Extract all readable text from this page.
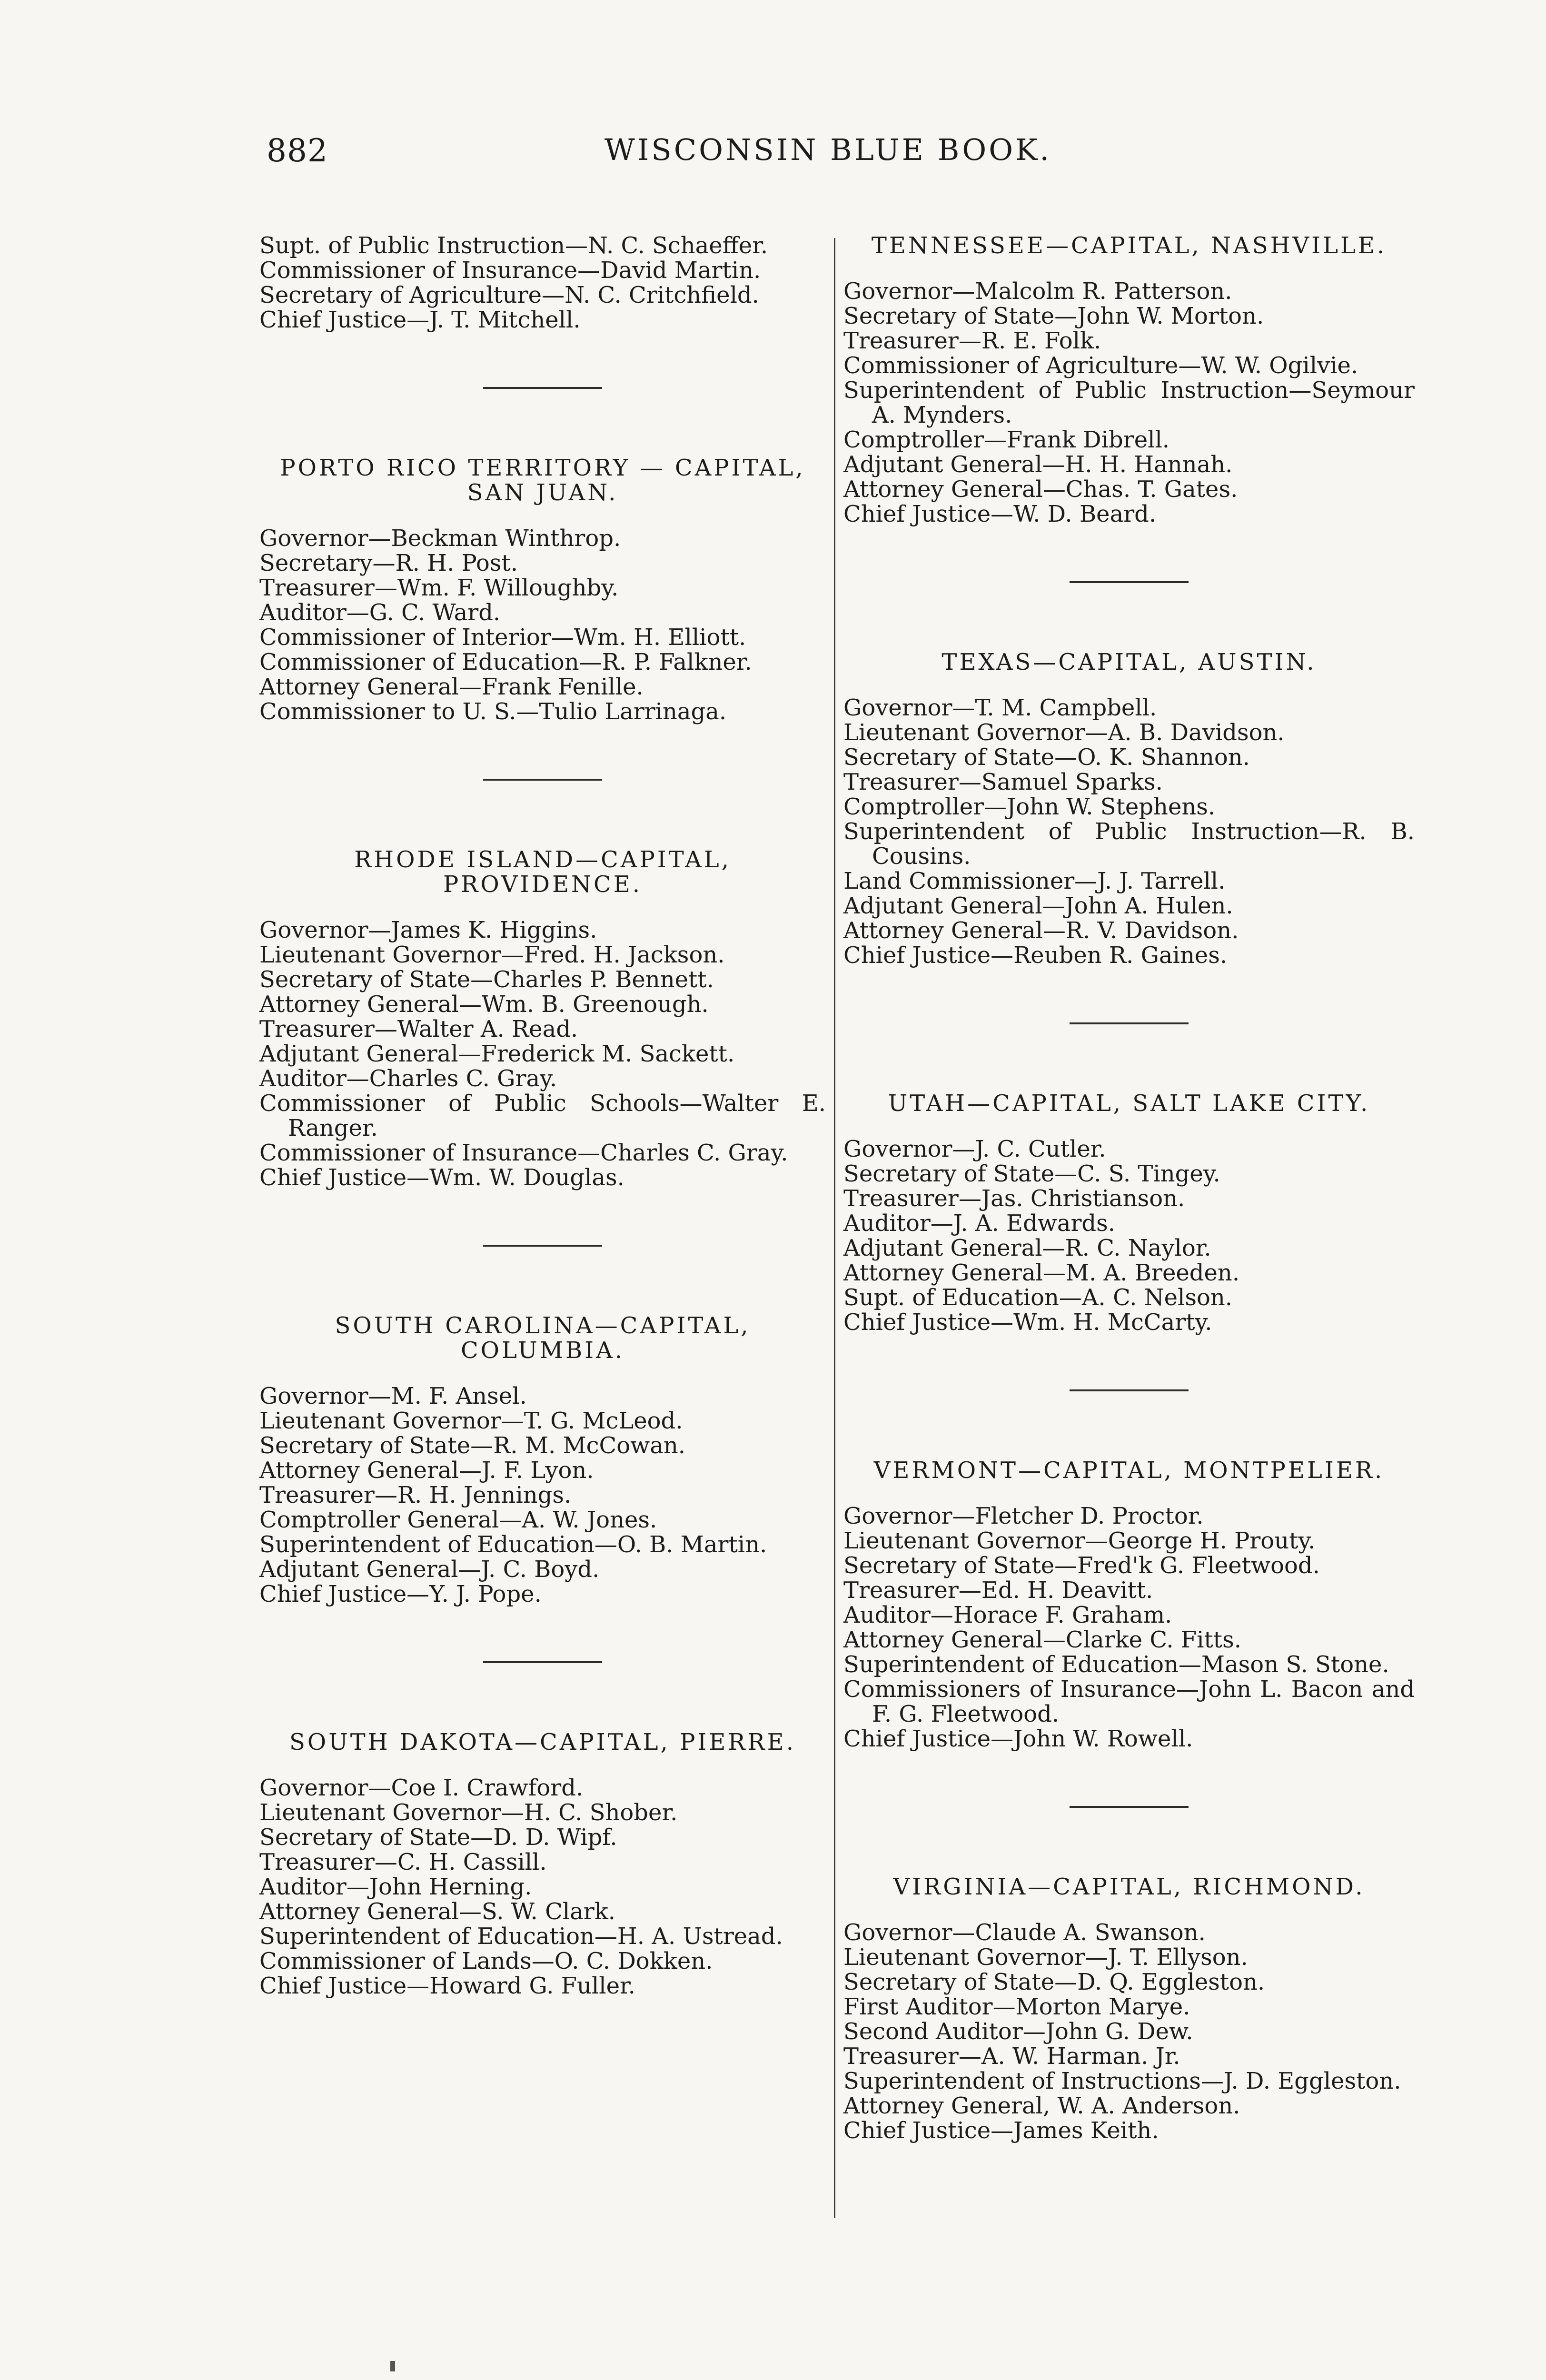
882	WISCONSIN BLUE BOOK.
Supt. of Public Instruction—N. C. Schaeffer.
Commissioner of Insurance—David Martin.
Secretary of Agriculture—N. C. Critchfield.
Chief Justice—J. T. Mitchell.
PORTO RICO TERRITORY — CAPITAL, SAN JUAN.
Governor—Beckman Winthrop.
Secretary—R. H. Post.
Treasurer—Wm. F. Willoughby.
Auditor—G. C. Ward.
Commissioner of Interior—Wm. H. Elliott.
Commissioner of Education—R. P. Falkner.
Attorney General—Frank Fenille.
Commissioner to U. S.—Tulio Larrinaga.
RHODE ISLAND—CAPITAL, PROVIDENCE.
Governor—James K. Higgins.
Lieutenant Governor—Fred. H. Jackson.
Secretary of State—Charles P. Bennett.
Attorney General—Wm. B. Greenough.
Treasurer—Walter A. Read.
Adjutant General—Frederick M. Sackett.
Auditor—Charles C. Gray.
Commissioner of Public Schools—Walter E. Ranger.
Commissioner of Insurance—Charles C. Gray.
Chief Justice—Wm. W. Douglas.
SOUTH CAROLINA—CAPITAL, COLUMBIA.
Governor—M. F. Ansel.
Lieutenant Governor—T. G. McLeod.
Secretary of State—R. M. McCowan.
Attorney General—J. F. Lyon.
Treasurer—R. H. Jennings.
Comptroller General—A. W. Jones.
Superintendent of Education—O. B. Martin.
Adjutant General—J. C. Boyd.
Chief Justice—Y. J. Pope.
SOUTH DAKOTA—CAPITAL, PIERRE.
Governor—Coe I. Crawford.
Lieutenant Governor—H. C. Shober.
Secretary of State—D. D. Wipf.
Treasurer—C. H. Cassill.
Auditor—John Herning.
Attorney General—S. W. Clark.
Superintendent of Education—H. A. Ustread.
Commissioner of Lands—O. C. Dokken.
Chief Justice—Howard G. Fuller.
TENNESSEE—CAPITAL, NASHVILLE.
Governor—Malcolm R. Patterson.
Secretary of State—John W. Morton.
Treasurer—R. E. Folk.
Commissioner of Agriculture—W. W. Ogilvie.
Superintendent of Public Instruction—Seymour A. Mynders.
Comptroller—Frank Dibrell.
Adjutant General—H. H. Hannah.
Attorney General—Chas. T. Gates.
Chief Justice—W. D. Beard.
TEXAS—CAPITAL, AUSTIN.
Governor—T. M. Campbell.
Lieutenant Governor—A. B. Davidson.
Secretary of State—O. K. Shannon.
Treasurer—Samuel Sparks.
Comptroller—John W. Stephens.
Superintendent of Public Instruction—R. B. Cousins.
Land Commissioner—J. J. Tarrell.
Adjutant General—John A. Hulen.
Attorney General—R. V. Davidson.
Chief Justice—Reuben R. Gaines.
UTAH—CAPITAL, SALT LAKE CITY.
Governor—J. C. Cutler.
Secretary of State—C. S. Tingey.
Treasurer—Jas. Christianson.
Auditor—J. A. Edwards.
Adjutant General—R. C. Naylor.
Attorney General—M. A. Breeden.
Supt. of Education—A. C. Nelson.
Chief Justice—Wm. H. McCarty.
VERMONT—CAPITAL, MONTPELIER.
Governor—Fletcher D. Proctor.
Lieutenant Governor—George H. Prouty.
Secretary of State—Fred'k G. Fleetwood.
Treasurer—Ed. H. Deavitt.
Auditor—Horace F. Graham.
Attorney General—Clarke C. Fitts.
Superintendent of Education—Mason S. Stone.
Commissioners of Insurance—John L. Bacon and F. G. Fleetwood.
Chief Justice—John W. Rowell.
VIRGINIA—CAPITAL, RICHMOND.
Governor—Claude A. Swanson.
Lieutenant Governor—J. T. Ellyson.
Secretary of State—D. Q. Eggleston.
First Auditor—Morton Marye.
Second Auditor—John G. Dew.
Treasurer—A. W. Harman. Jr.
Superintendent of Instructions—J. D. Eggleston.
Attorney General, W. A. Anderson.
Chief Justice—James Keith.
